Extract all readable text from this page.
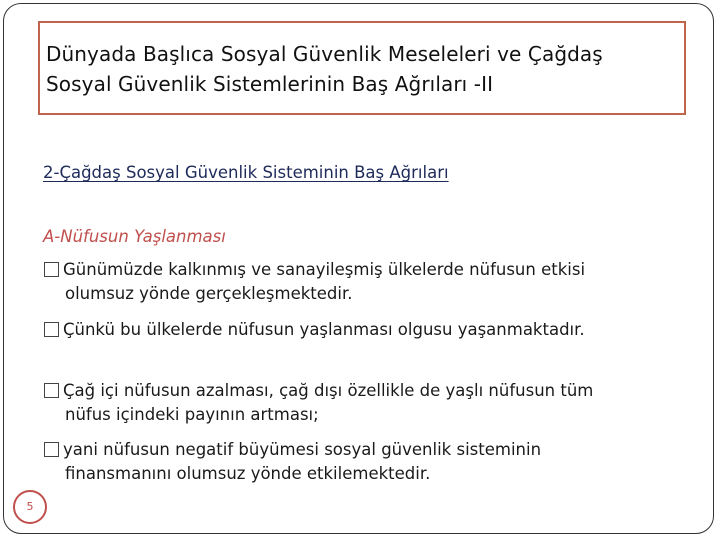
Dünyada Başlıca Sosyal Güvenlik Meseleleri ve Çağdaş
Sosyal Güvenlik Sistemlerinin Baş Ağrıları -II
2-Çağdaş Sosyal Güvenlik Sisteminin Baş Ağrıları
A-Nüfusun Yaşlanması
Günümüzde kalkınmış ve sanayileşmiş ülkelerde nüfusun etkisi
olumsuz yönde gerçekleşmektedir.
Çünkü bu ülkelerde nüfusun yaşlanması olgusu yaşanmaktadır.
Çağ içi nüfusun azalması, çağ dışı özellikle de yaşlı nüfusun tüm
nüfus içindeki payının artması;
yani nüfusun negatif büyümesi sosyal güvenlik sisteminin
finansmanını olumsuz yönde etkilemektedir.
5
